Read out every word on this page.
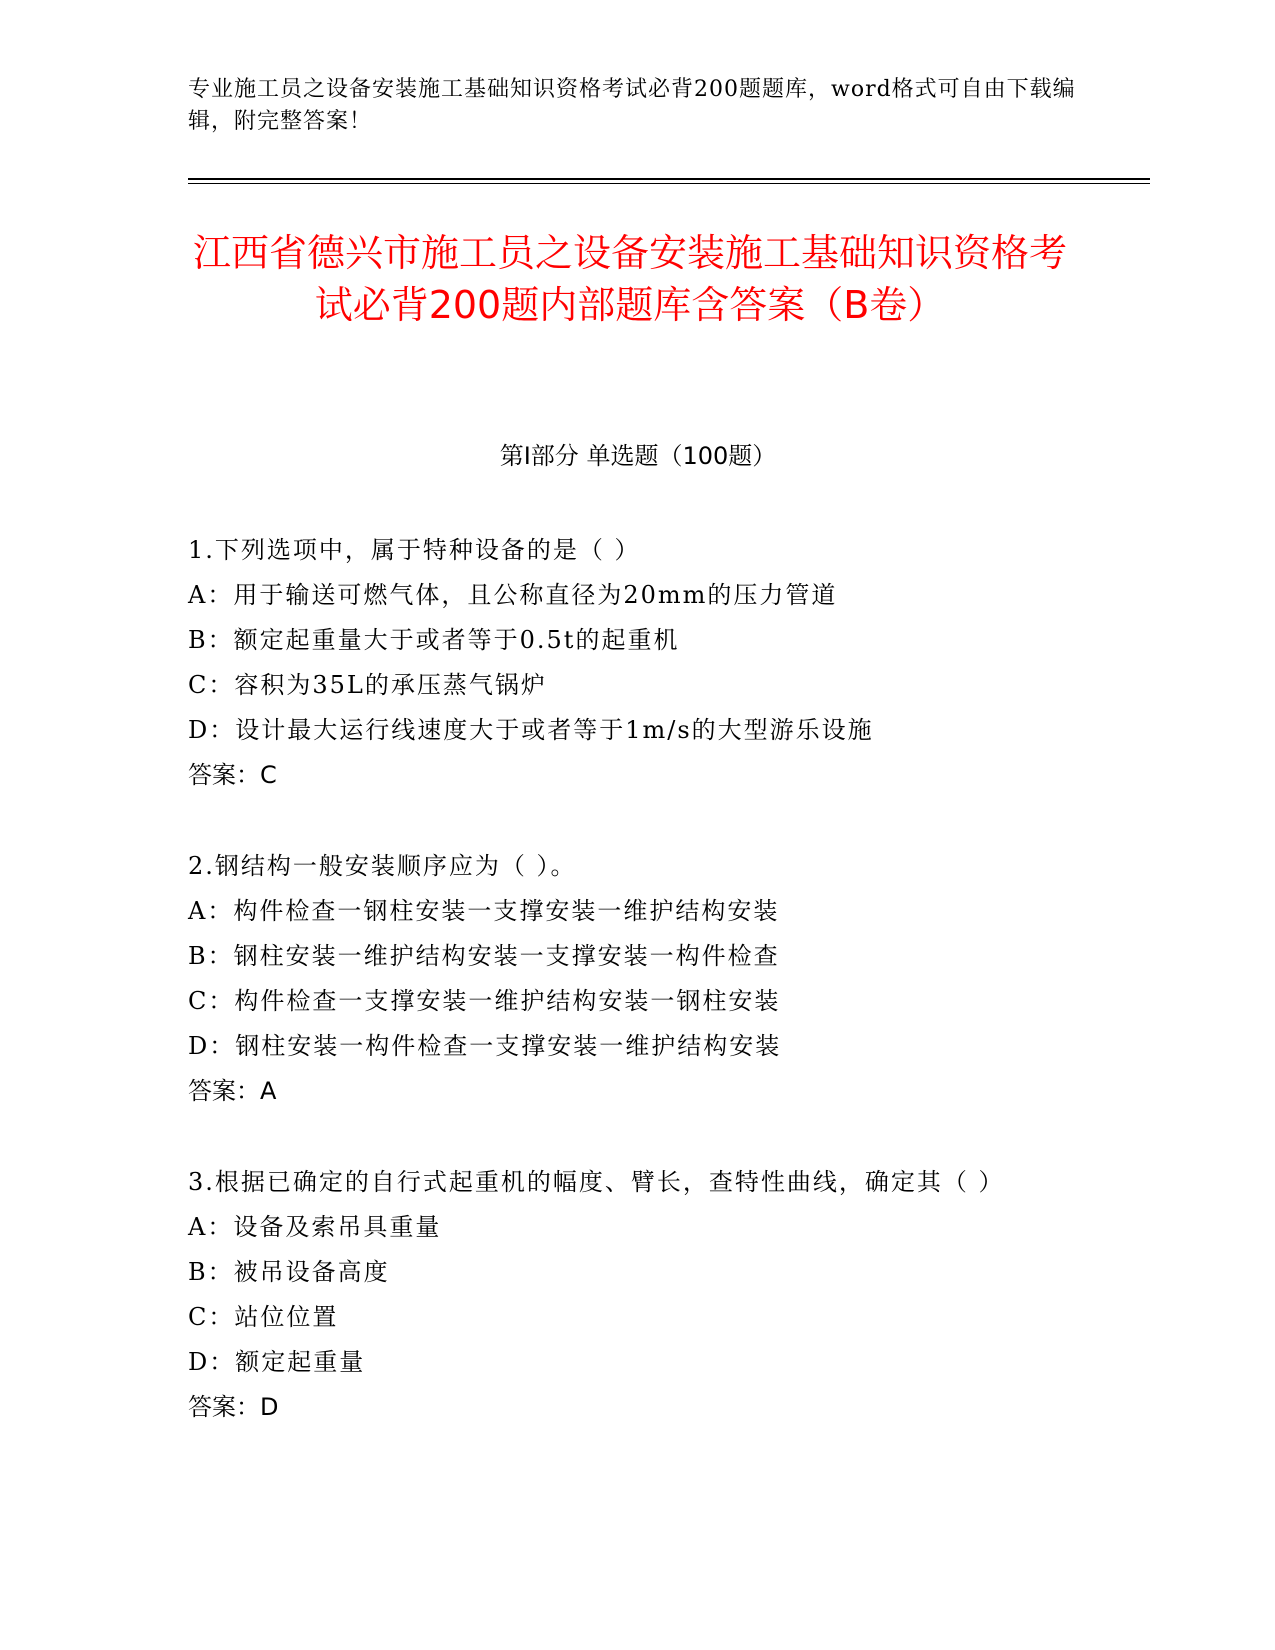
专业施工员之设备安装施工基础知识资格考试必背200题题库，word格式可自由下载编辑，附完整答案！
江西省德兴市施工员之设备安装施工基础知识资格考试必背200题内部题库含答案（B卷）
第Ⅰ部分 单选题（100题）
1.下列选项中，属于特种设备的是（ ）
A：用于输送可燃气体，且公称直径为20mm的压力管道
B：额定起重量大于或者等于0.5t的起重机
C：容积为35L的承压蒸气锅炉
D：设计最大运行线速度大于或者等于1m/s的大型游乐设施
答案：C
2.钢结构一般安装顺序应为（ ）。
A：构件检查一钢柱安装一支撑安装一维护结构安装
B：钢柱安装一维护结构安装一支撑安装一构件检查
C：构件检查一支撑安装一维护结构安装一钢柱安装
D：钢柱安装一构件检查一支撑安装一维护结构安装
答案：A
3.根据已确定的自行式起重机的幅度、臂长，查特性曲线，确定其（ ）
A：设备及索吊具重量
B：被吊设备高度
C：站位位置
D：额定起重量
答案：D
